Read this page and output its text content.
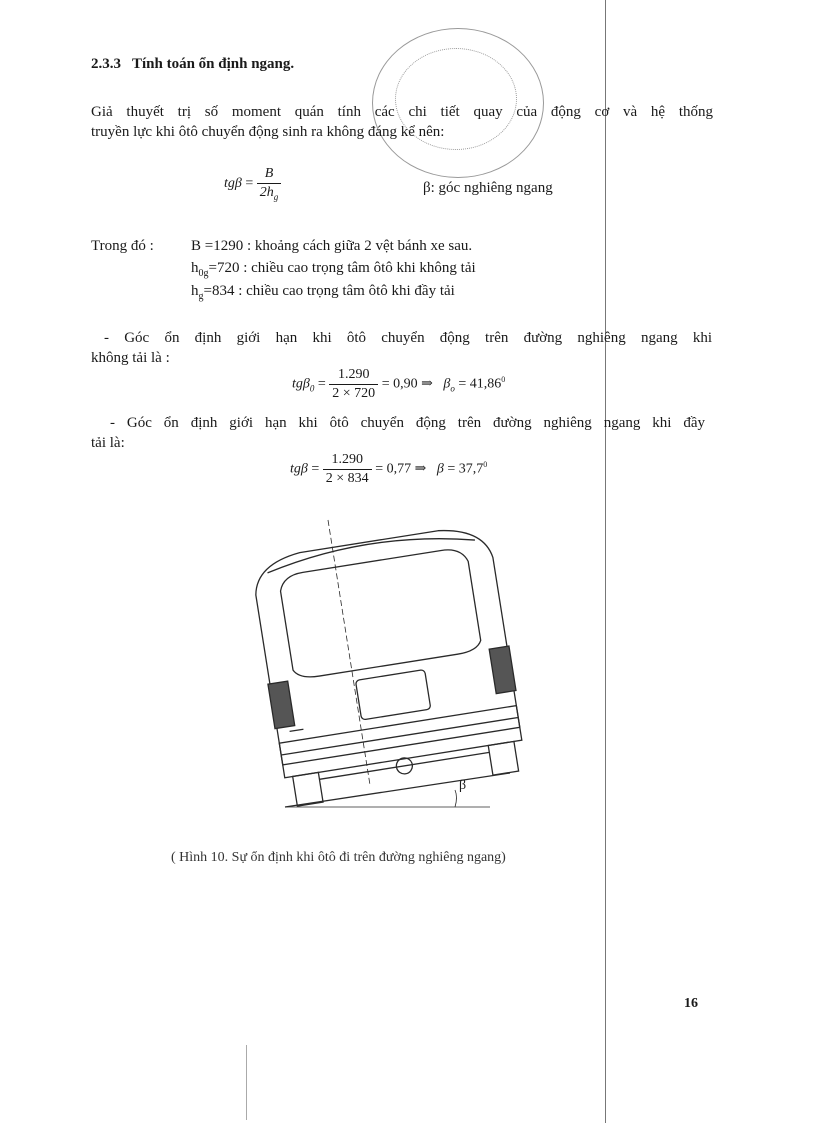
2.3.3 Tính toán ổn định ngang.
Giả thuyết trị số moment quán tính các chi tiết quay của động cơ và hệ thống
truyền lực khi ôtô chuyển động sinh ra không đáng kể nên:
$tg\beta = \frac{B}{2h_g}$	β: góc nghiêng ngang
Trong đó : B =1290 : khoảng cách giữa 2 vệt bánh xe sau.
$h_{0g}=720$ : chiều cao trọng tâm ôtô khi không tải
$h_g=834$ : chiều cao trọng tâm ôtô khi đầy tải
- Góc ổn định giới hạn khi ôtô chuyển động trên đường nghiêng ngang khi
không tải là :
$tg\beta_0 = \frac{1.290}{2 \times 720} = 0,90$ ⇒ $\beta_o = 41,86^0$
- Góc ổn định giới hạn khi ôtô chuyển động trên đường nghiêng ngang khi đầy
tải là:
$tg\beta = \frac{1.290}{2 \times 834} = 0,77$ ⇒ $\beta = 37,7^0$
β
( Hình 10. Sự ổn định khi ôtô đi trên đường nghiêng ngang)
16
